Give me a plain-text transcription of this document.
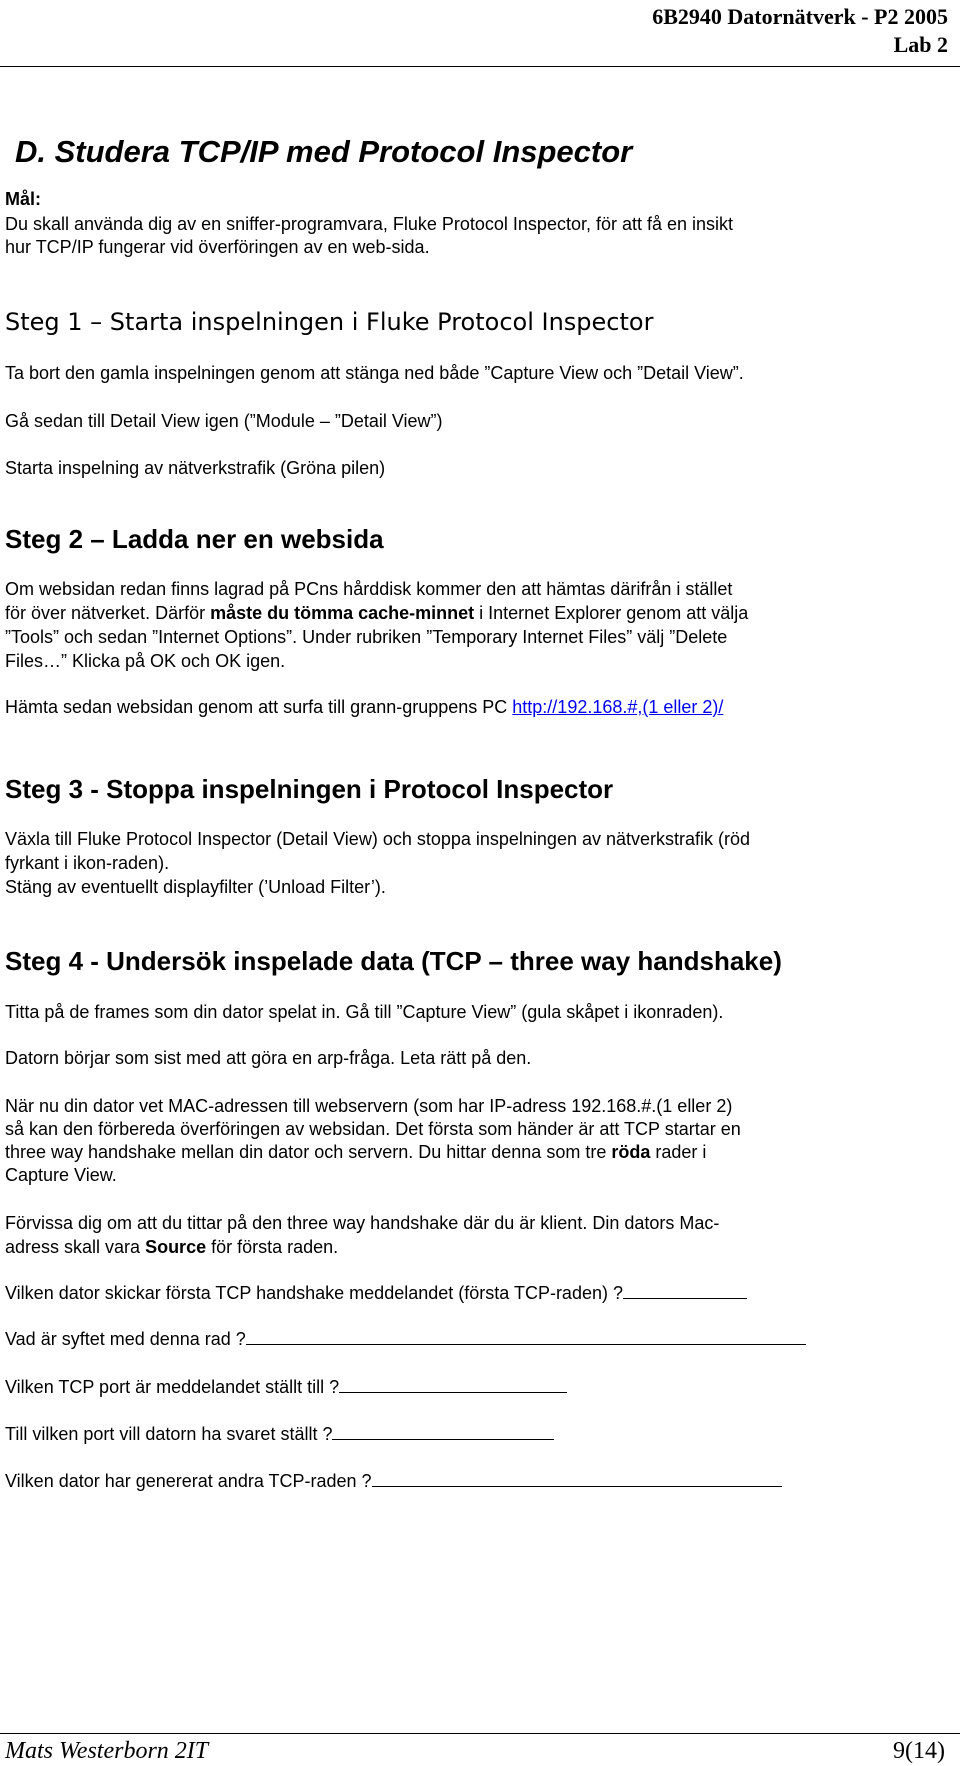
6B2940 Datornätverk - P2 2005
Lab 2
D. Studera TCP/IP med Protocol Inspector
Mål:
Du skall använda dig av en sniffer-programvara, Fluke Protocol Inspector, för att få en insikt
hur TCP/IP fungerar vid överföringen av en web-sida.
Steg 1 – Starta inspelningen i Fluke Protocol Inspector
Ta bort den gamla inspelningen genom att stänga ned både ”Capture View och ”Detail View”.
Gå sedan till Detail View igen (”Module – ”Detail View”)
Starta inspelning av nätverkstrafik (Gröna pilen)
Steg 2 – Ladda ner en websida
Om websidan redan finns lagrad på PCns hårddisk kommer den att hämtas därifrån i stället
för över nätverket. Därför måste du tömma cache-minnet i Internet Explorer genom att välja
”Tools” och sedan ”Internet Options”. Under rubriken ”Temporary Internet Files” välj ”Delete
Files…” Klicka på OK och OK igen.
Hämta sedan websidan genom att surfa till grann-gruppens PC http://192.168.#,(1 eller 2)/
Steg 3 - Stoppa inspelningen i Protocol Inspector
Växla till Fluke Protocol Inspector (Detail View) och stoppa inspelningen av nätverkstrafik (röd
fyrkant i ikon-raden).
Stäng av eventuellt displayfilter (’Unload Filter’).
Steg 4 - Undersök inspelade data (TCP – three way handshake)
Titta på de frames som din dator spelat in. Gå till ”Capture View” (gula skåpet i ikonraden).
Datorn börjar som sist med att göra en arp-fråga. Leta rätt på den.
När nu din dator vet MAC-adressen till webservern (som har IP-adress 192.168.#.(1 eller 2)
så kan den förbereda överföringen av websidan. Det första som händer är att TCP startar en
three way handshake mellan din dator och servern. Du hittar denna som tre röda rader i
Capture View.
Förvissa dig om att du tittar på den three way handshake där du är klient. Din dators Mac-
adress skall vara Source för första raden.
Vilken dator skickar första TCP handshake meddelandet (första TCP-raden) ?
Vad är syftet med denna rad ?
Vilken TCP port är meddelandet ställt till ?
Till vilken port vill datorn ha svaret ställt ?
Vilken dator har genererat andra TCP-raden ?
Mats Westerborn 2IT	9(14)
